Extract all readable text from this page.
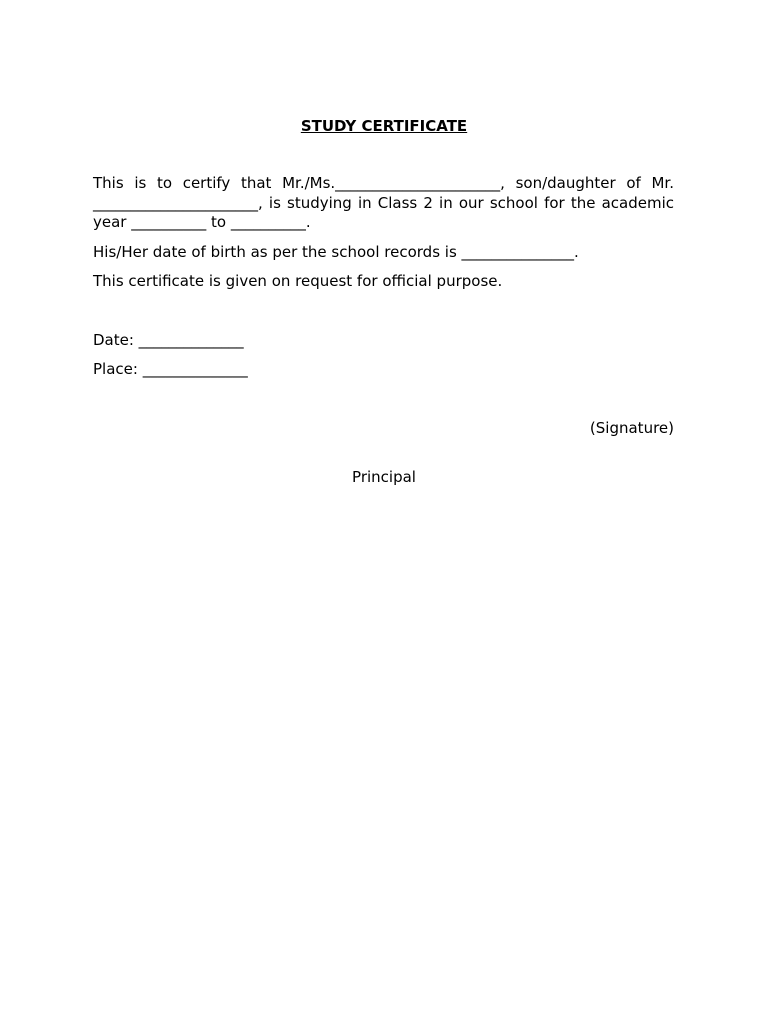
STUDY CERTIFICATE
This is to certify that Mr./Ms.______________________, son/daughter of Mr. ______________________, is studying in Class 2 in our school for the academic year __________ to __________.
His/Her date of birth as per the school records is _______________.
This certificate is given on request for official purpose.
Date: ______________
Place: ______________
(Signature)
Principal
